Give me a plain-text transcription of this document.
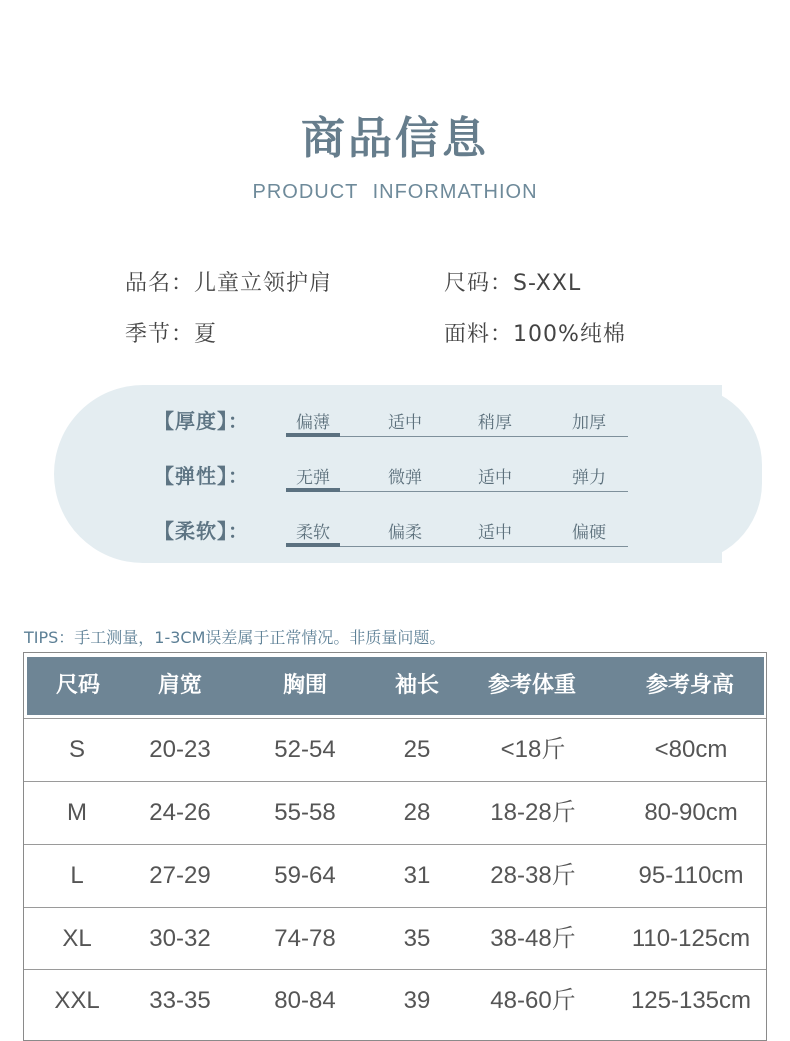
商品信息
PRODUCT INFORMATHION
品名：儿童立领护肩	尺码：S-XXL
季节：夏	面料：100%纯棉
【厚度】：	偏薄	适中	稍厚	加厚
【弹性】：	无弹	微弹	适中	弹力
【柔软】：	柔软	偏柔	适中	偏硬
TIPS：手工测量，1-3CM误差属于正常情况。非质量问题。
尺码	肩宽	胸围	袖长	参考体重	参考身高
S	20-23	52-54	25	<18斤	<80cm
M	24-26	55-58	28	18-28斤	80-90cm
L	27-29	59-64	31	28-38斤	95-110cm
XL	30-32	74-78	35	38-48斤	110-125cm
XXL	33-35	80-84	39	48-60斤	125-135cm
